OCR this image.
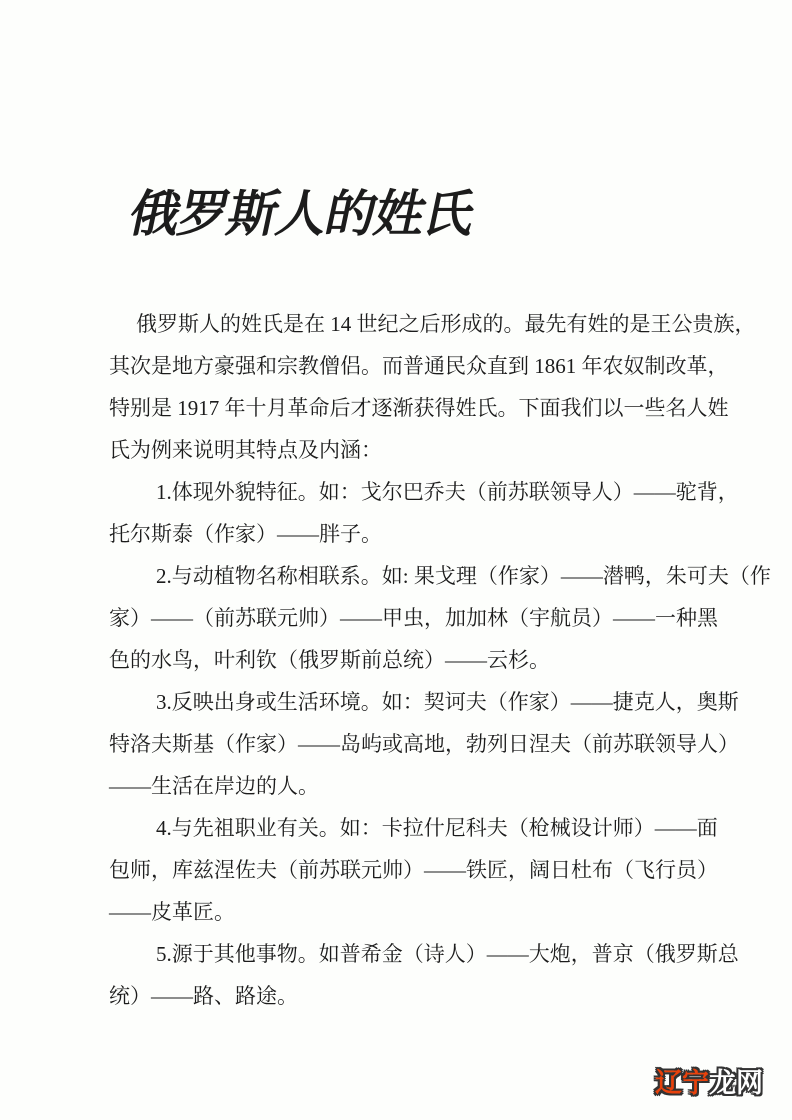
俄罗斯人的姓氏
俄罗斯人的姓氏是在 14 世纪之后形成的。最先有姓的是王公贵族，
其次是地方豪强和宗教僧侣。而普通民众直到 1861 年农奴制改革，
特别是 1917 年十月革命后才逐渐获得姓氏。下面我们以一些名人姓
氏为例来说明其特点及内涵：
1.体现外貌特征。如：戈尔巴乔夫（前苏联领导人）——驼背，
托尔斯泰（作家）——胖子。
2.与动植物名称相联系。如: 果戈理（作家）——潜鸭，朱可夫（作
家）——（前苏联元帅）——甲虫，加加林（宇航员）——一种黑
色的水鸟，叶利钦（俄罗斯前总统）——云杉。
3.反映出身或生活环境。如：契诃夫（作家）——捷克人，奥斯
特洛夫斯基（作家）——岛屿或高地，勃列日涅夫（前苏联领导人）
——生活在岸边的人。
4.与先祖职业有关。如：卡拉什尼科夫（枪械设计师）——面
包师，库兹涅佐夫（前苏联元帅）——铁匠，阔日杜布（飞行员）
——皮革匠。
5.源于其他事物。如普希金（诗人）——大炮，普京（俄罗斯总
统）——路、路途。
辽宁龙网
